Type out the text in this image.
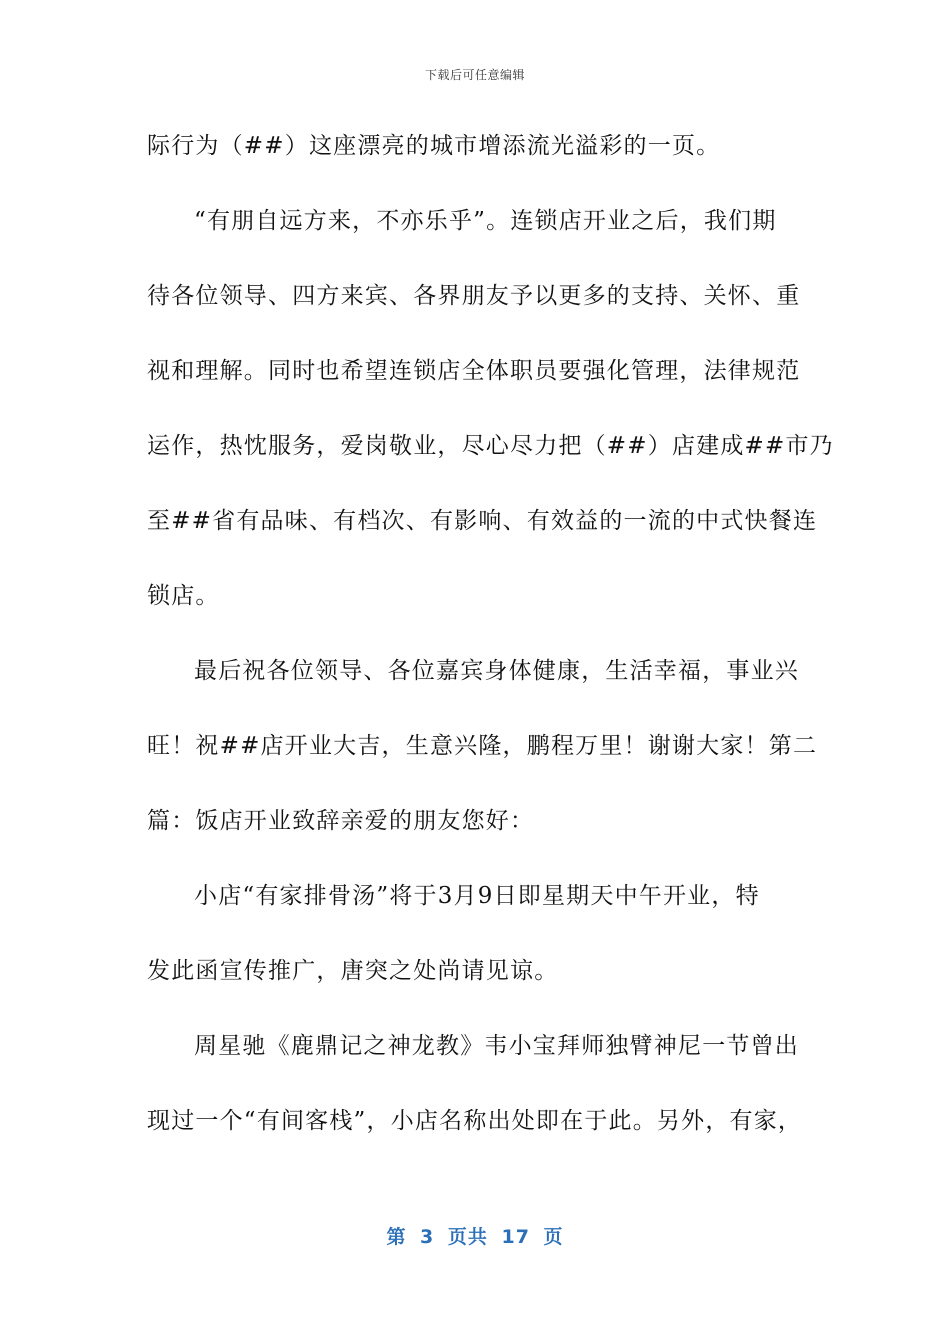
下载后可任意编辑
际行为（##）这座漂亮的城市增添流光溢彩的一页。
“有朋自远方来，不亦乐乎”。连锁店开业之后，我们期
待各位领导、四方来宾、各界朋友予以更多的支持、关怀、重
视和理解。同时也希望连锁店全体职员要强化管理，法律规范
运作，热忱服务，爱岗敬业，尽心尽力把（##）店建成##市乃
至##省有品味、有档次、有影响、有效益的一流的中式快餐连
锁店。
最后祝各位领导、各位嘉宾身体健康，生活幸福，事业兴
旺！祝##店开业大吉，生意兴隆，鹏程万里！谢谢大家！第二
篇：饭店开业致辞亲爱的朋友您好：
小店“有家排骨汤”将于3月9日即星期天中午开业，特
发此函宣传推广，唐突之处尚请见谅。
周星驰《鹿鼎记之神龙教》韦小宝拜师独臂神尼一节曾出
现过一个“有间客栈”，小店名称出处即在于此。另外，有家，
第 3 页共 17 页
